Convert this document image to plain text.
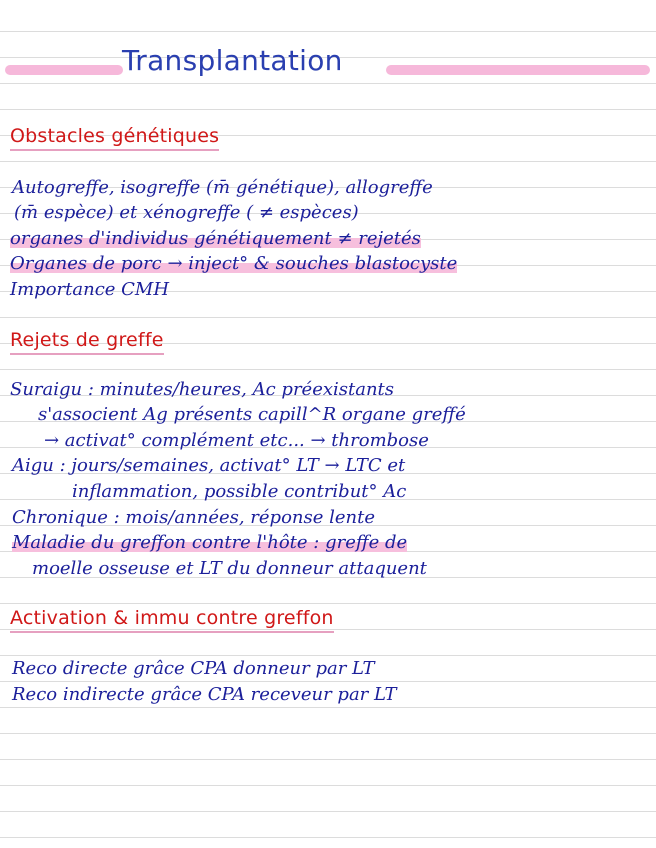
Transplantation
Obstacles génétiques
Autogreffe, isogreffe (m̄ génétique), allogreffe
(m̄ espèce) et xénogreffe ( ≠ espèces)
organes d'individus génétiquement ≠ rejetés
Organes de porc → inject° & souches blastocyste
Importance CMH
Rejets de greffe
Suraigu : minutes/heures, Ac préexistants
s'associent Ag présents capill^R organe greffé
→ activat° complément etc... → thrombose
Aigu : jours/semaines, activat° LT → LTC et
inflammation, possible contribut° Ac
Chronique : mois/années, réponse lente
Maladie du greffon contre l'hôte : greffe de
moelle osseuse et LT du donneur attaquent
Activation & immu contre greffon
Reco directe grâce CPA donneur par LT
Reco indirecte grâce CPA receveur par LT
